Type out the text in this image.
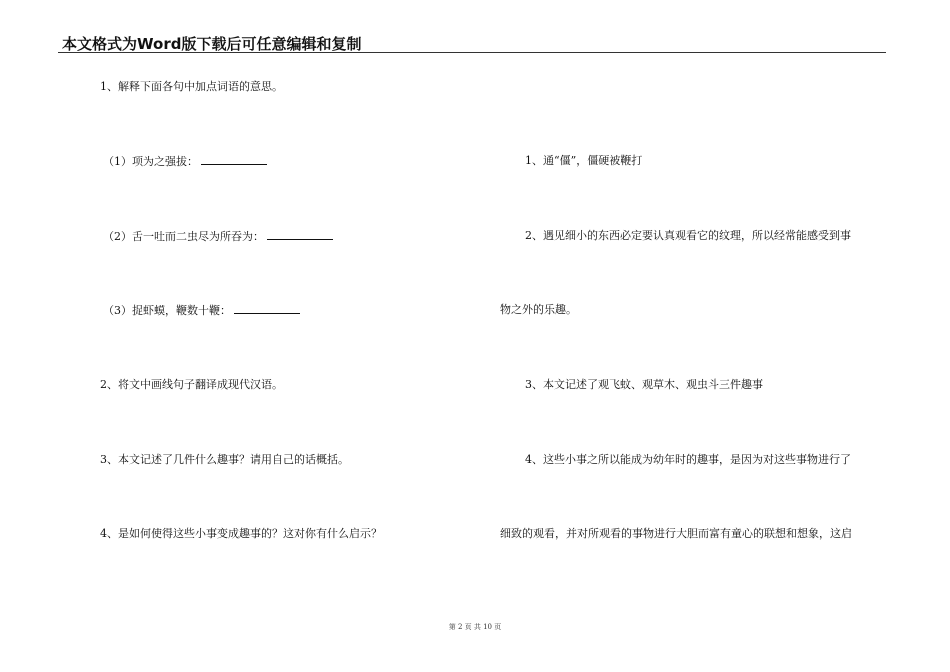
本文格式为Word版下载后可任意编辑和复制
1、解释下面各句中加点词语的意思。
（1）项为之强拔：
（2）舌一吐而二虫尽为所吞为：
（3）捉虾蟆，鞭数十鞭：
2、将文中画线句子翻译成现代汉语。
3、本文记述了几件什么趣事？请用自己的话概括。
4、是如何使得这些小事变成趣事的？这对你有什么启示？
1、通“僵”，僵硬被鞭打
2、遇见细小的东西必定要认真观看它的纹理，所以经常能感受到事
物之外的乐趣。
3、本文记述了观飞蚊、观草木、观虫斗三件趣事
4、这些小事之所以能成为幼年时的趣事，是因为对这些事物进行了
细致的观看，并对所观看的事物进行大胆而富有童心的联想和想象，这启
第 2 页 共 10 页
